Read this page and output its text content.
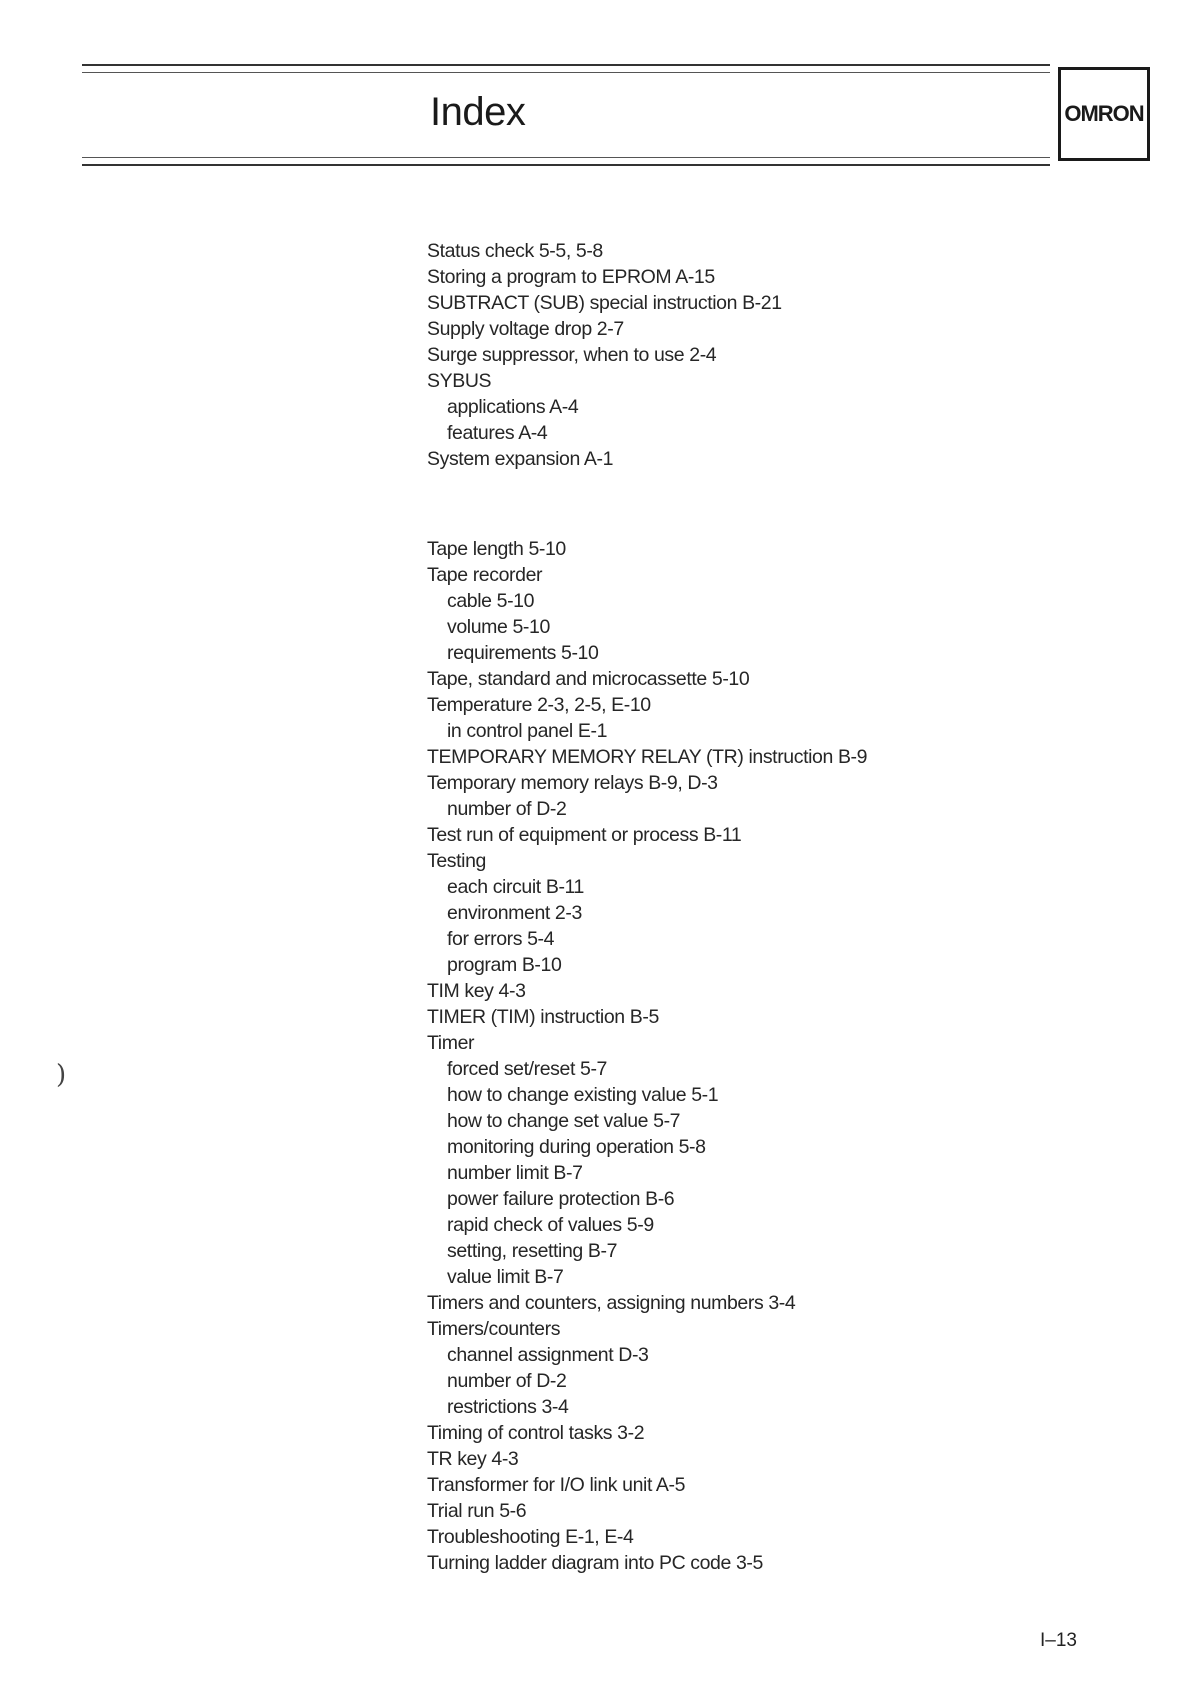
Index	OMRON
Status check 5-5, 5-8
Storing a program to EPROM A-15
SUBTRACT (SUB) special instruction B-21
Supply voltage drop 2-7
Surge suppressor, when to use 2-4
SYBUS
applications A-4
features A-4
System expansion A-1
Tape length 5-10
Tape recorder
cable 5-10
volume 5-10
requirements 5-10
Tape, standard and microcassette 5-10
Temperature 2-3, 2-5, E-10
in control panel E-1
TEMPORARY MEMORY RELAY (TR) instruction B-9
Temporary memory relays B-9, D-3
number of D-2
Test run of equipment or process B-11
Testing
each circuit B-11
environment 2-3
for errors 5-4
program B-10
TIM key 4-3
TIMER (TIM) instruction B-5
Timer
forced set/reset 5-7
how to change existing value 5-1
how to change set value 5-7
monitoring during operation 5-8
number limit B-7
power failure protection B-6
rapid check of values 5-9
setting, resetting B-7
value limit B-7
Timers and counters, assigning numbers 3-4
Timers/counters
channel assignment D-3
number of D-2
restrictions 3-4
Timing of control tasks 3-2
TR key 4-3
Transformer for I/O link unit A-5
Trial run 5-6
Troubleshooting E-1, E-4
Turning ladder diagram into PC code 3-5
)
I–13
